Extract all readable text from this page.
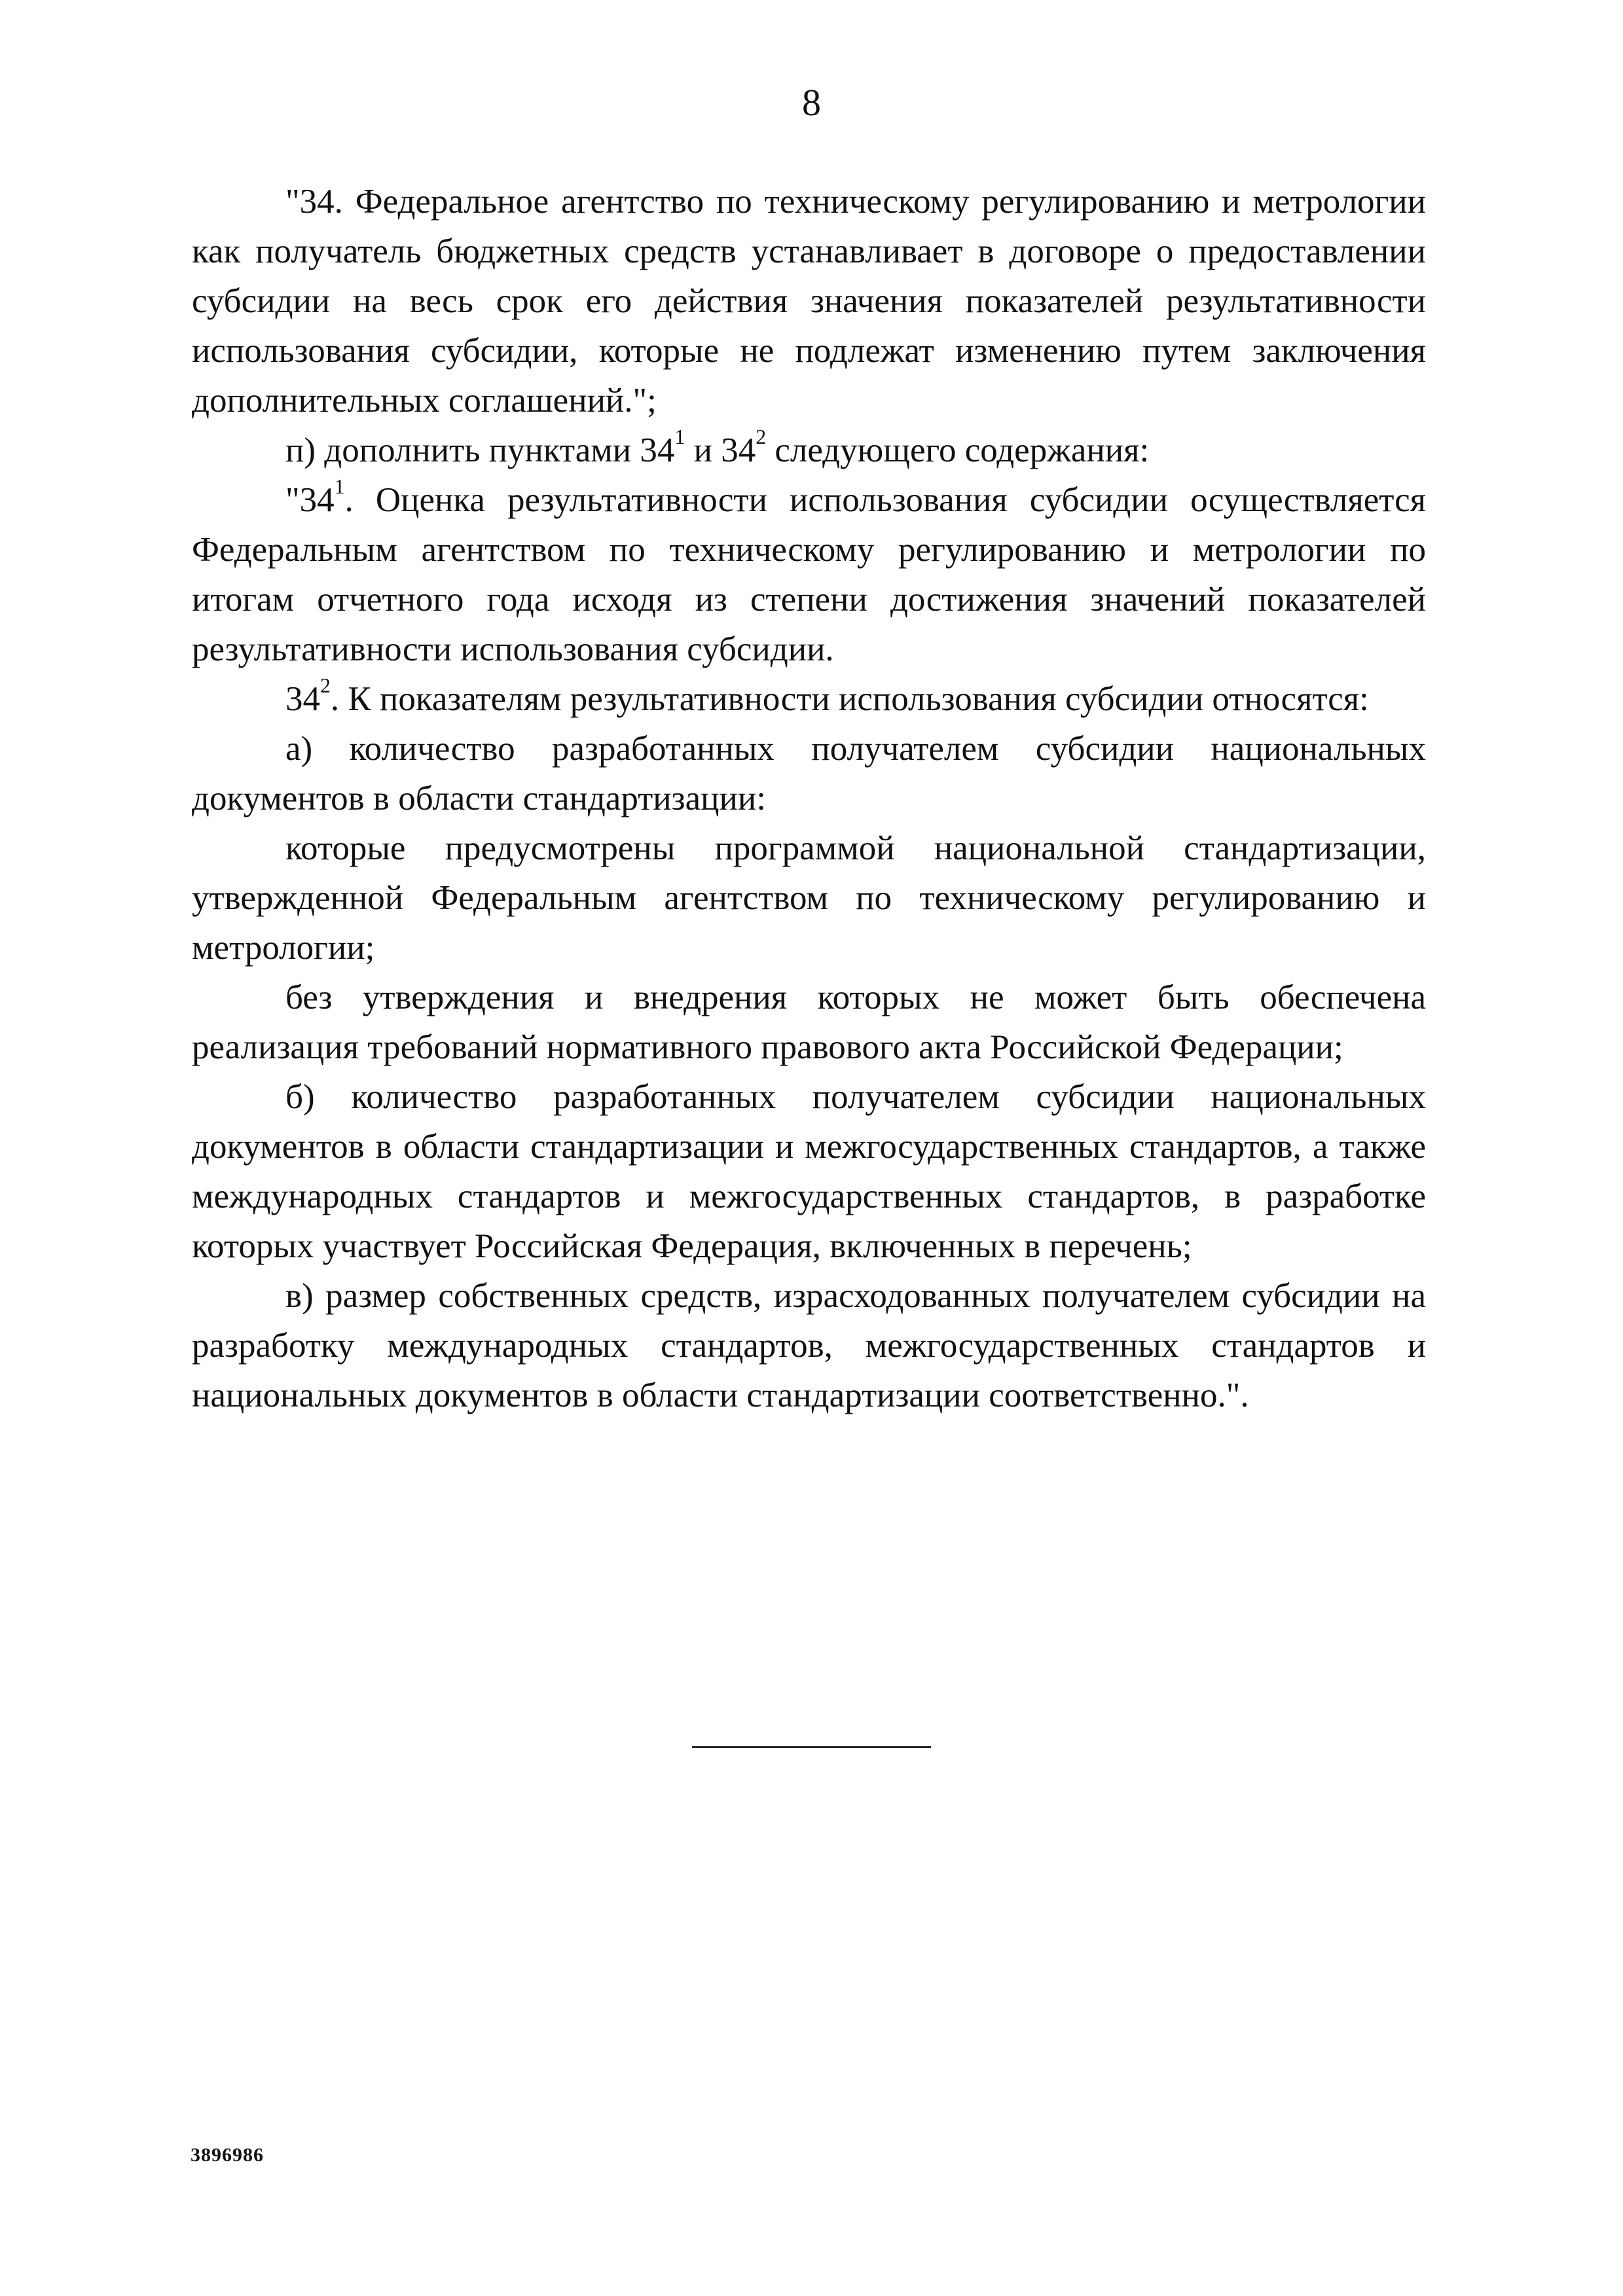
8

"34. Федеральное агентство по техническому регулированию и метрологии как получатель бюджетных средств устанавливает в договоре о предоставлении субсидии на весь срок его действия значения показателей результативности использования субсидии, которые не подлежат изменению путем заключения дополнительных соглашений.";

п) дополнить пунктами $34^1$ и $34^2$ следующего содержания:

"$34^1$. Оценка результативности использования субсидии осуществляется Федеральным агентством по техническому регулированию и метрологии по итогам отчетного года исходя из степени достижения значений показателей результативности использования субсидии.

$34^2$. К показателям результативности использования субсидии относятся:

а) количество разработанных получателем субсидии национальных документов в области стандартизации:

которые предусмотрены программой национальной стандартизации, утвержденной Федеральным агентством по техническому регулированию и метрологии;

без утверждения и внедрения которых не может быть обеспечена реализация требований нормативного правового акта Российской Федерации;

б) количество разработанных получателем субсидии национальных документов в области стандартизации и межгосударственных стандартов, а также международных стандартов и межгосударственных стандартов, в разработке которых участвует Российская Федерация, включенных в перечень;

в) размер собственных средств, израсходованных получателем субсидии на разработку международных стандартов, межгосударственных стандартов и национальных документов в области стандартизации соответственно.".

3896986
